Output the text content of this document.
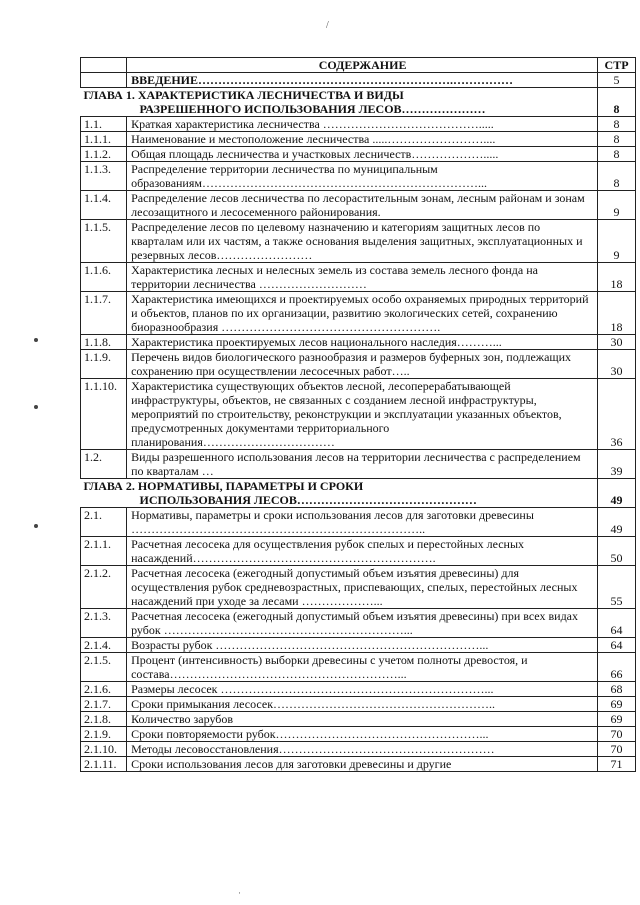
/
	СОДЕРЖАНИЕ	СТР
	ВВЕДЕНИЕ……………………………………………………….……………	5

ГЛАВА 1. ХАРАКТЕРИСТИКА ЛЕСНИЧЕСТВА И ВИДЫ
РАЗРЕШЕННОГО ИСПОЛЬЗОВАНИЯ ЛЕСОВ…………………		8
1.1.	Краткая характеристика лесничества ………………………………….....	8
1.1.1.	Наименование и местоположение лесничества .....……………………....	8
1.1.2.	Общая площадь лесничества и участковых лесничеств……………….....	8
1.1.3.	Распределение территории лесничества по муниципальным образованиям……………………………………………………………...	8
1.1.4.	Распределение лесов лесничества по лесорастительным зонам, лесным районам и зонам лесозащитного и лесосеменного районирования.	9
1.1.5.	Распределение лесов по целевому назначению и категориям защитных лесов по кварталам или их частям, а также основания выделения защитных, эксплуатационных и резервных лесов……………………	9
1.1.6.	Характеристика лесных и нелесных земель из состава земель лесного фонда на территории лесничества ………………………	18
1.1.7.	Характеристика имеющихся и проектируемых особо охраняемых природных территорий и объектов, планов по их организации, развитию экологических сетей, сохранению биоразнообразия ……………………………………………….	18
1.1.8.	Характеристика проектируемых лесов национального наследия………...	30
1.1.9.	Перечень видов биологического разнообразия и размеров буферных зон, подлежащих сохранению при осуществлении лесосечных работ…..	30
1.1.10.	Характеристика существующих объектов лесной, лесоперерабатывающей инфраструктуры, объектов, не связанных с созданием лесной инфраструктуры, мероприятий по строительству, реконструкции и эксплуатации указанных объектов, предусмотренных документами территориального планирования……………………………	36
1.2.	Виды разрешенного использования лесов на территории лесничества с распределением по кварталам …	39

ГЛАВА 2. НОРМАТИВЫ, ПАРАМЕТРЫ И СРОКИ
ИСПОЛЬЗОВАНИЯ ЛЕСОВ………………………………………		49
2.1.	Нормативы, параметры и сроки использования лесов для заготовки древесины ………………………………………………………………..	49
2.1.1.	Расчетная лесосека для осуществления рубок спелых и перестойных лесных насаждений…………………………………………………….	50
2.1.2.	Расчетная лесосека (ежегодный допустимый объем изъятия древесины) для осуществления рубок средневозрастных, приспевающих, спелых, перестойных лесных насаждений при уходе за лесами ………………...	55
2.1.3.	Расчетная лесосека (ежегодный допустимый объем изъятия древесины) при всех видах рубок ……………………………………………………...	64
2.1.4.	Возрасты рубок …………………………………………………………...	64
2.1.5.	Процент (интенсивность) выборки древесины с учетом полноты древостоя, и состава…………………………………………………...	66
2.1.6.	Размеры лесосек …………………………………………………………...	68
2.1.7.	Сроки примыкания лесосек………………………………………………..	69
2.1.8.	Количество зарубов	69
2.1.9.	Сроки повторяемости рубок……………………………………………...	70
2.1.10.	Методы лесовосстановления………………………………………………	70
2.1.11.	Сроки использования лесов для заготовки древесины и другие	71
·
